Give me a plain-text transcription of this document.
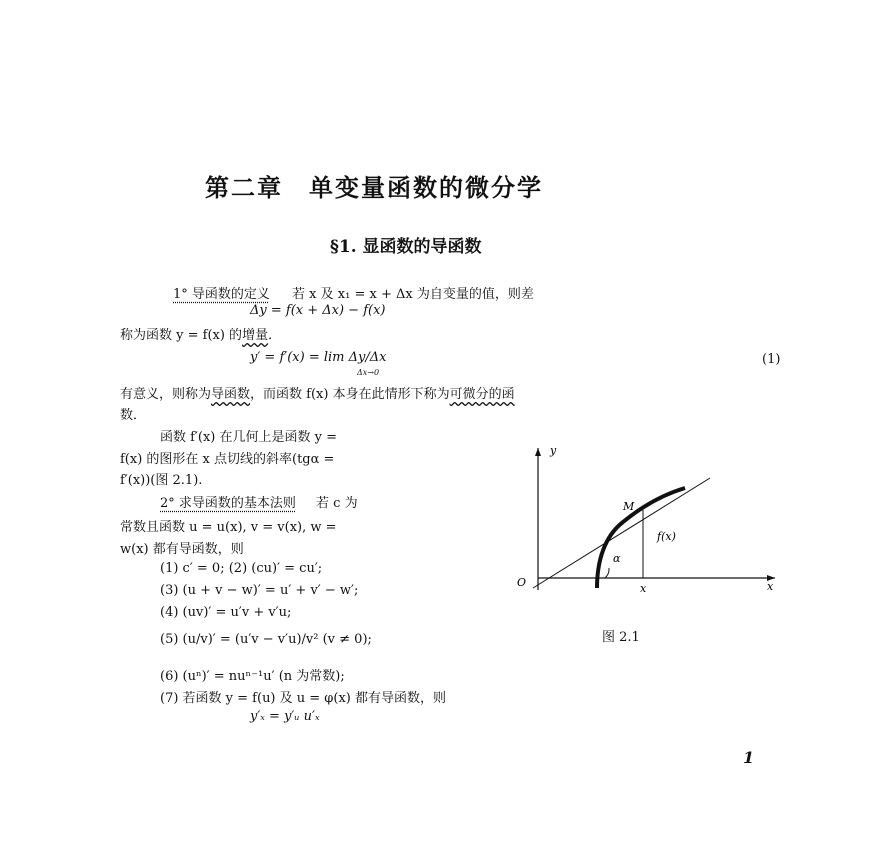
第二章　单变量函数的微分学
§1. 显函数的导函数
1° 导函数的定义 若 x 及 x₁ = x + Δx 为自变量的值，则差
Δy = f(x + Δx) − f(x)
称为函数 y = f(x) 的增量．
y′ = f′(x) = lim Δy/Δx
Δx→0
(1)
有意义，则称为导函数，而函数 f(x) 本身在此情形下称为可微分的函
数．
函数 f′(x) 在几何上是函数 y =
f(x) 的图形在 x 点切线的斜率(tgα =
f′(x))(图 2.1).
2° 求导函数的基本法则 若 c 为
常数且函数 u = u(x), v = v(x), w =
w(x) 都有导函数，则
(1) c′ = 0; (2) (cu)′ = cu′;
(3) (u + v − w)′ = u′ + v′ − w′;
(4) (uv)′ = u′v + v′u;
(5) (u/v)′ = (u′v − v′u)/v² (v ≠ 0);
(6) (uⁿ)′ = nuⁿ⁻¹u′ (n 为常数);
(7) 若函数 y = f(u) 及 u = φ(x) 都有导函数，则
y′ₓ = y′ᵤ u′ₓ
y
x
O
M
f(x)
α
x
图 2.1
1
